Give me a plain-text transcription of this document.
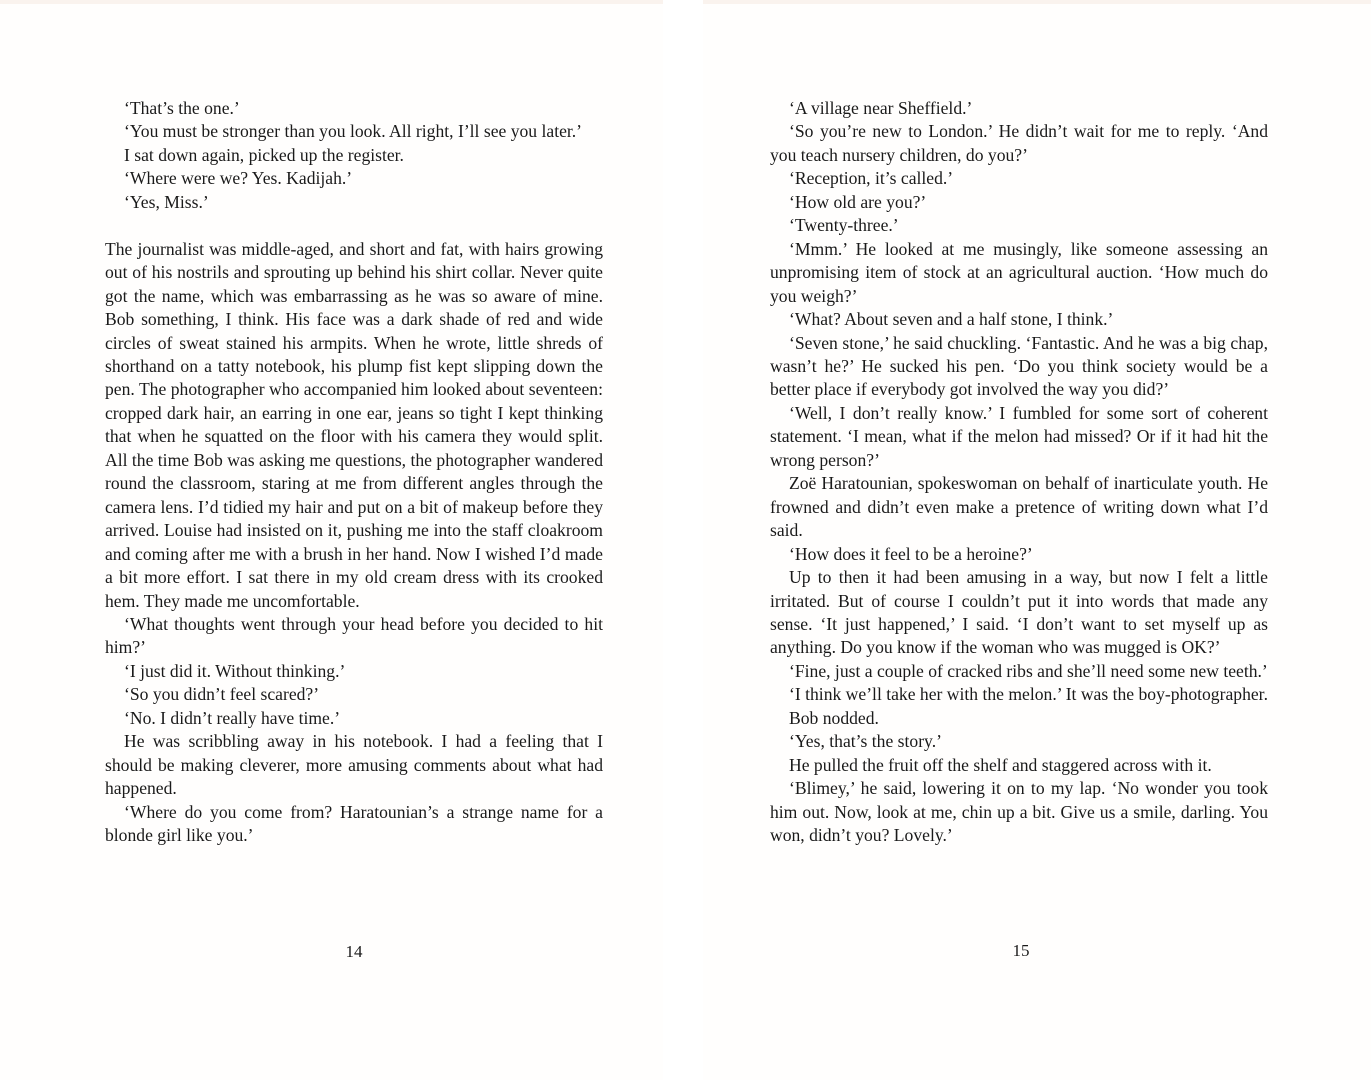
‘That’s the one.’

‘You must be stronger than you look. All right, I’ll see you later.’

I sat down again, picked up the register.

‘Where were we? Yes. Kadijah.’

‘Yes, Miss.’

The journalist was middle-aged, and short and fat, with hairs growing out of his nostrils and sprouting up behind his shirt collar. Never quite got the name, which was embarrassing as he was so aware of mine. Bob something, I think. His face was a dark shade of red and wide circles of sweat stained his armpits. When he wrote, little shreds of shorthand on a tatty notebook, his plump fist kept slipping down the pen. The photographer who accompanied him looked about seventeen: cropped dark hair, an earring in one ear, jeans so tight I kept thinking that when he squatted on the floor with his camera they would split. All the time Bob was asking me questions, the photographer wandered round the classroom, staring at me from different angles through the camera lens. I’d tidied my hair and put on a bit of makeup before they arrived. Louise had insisted on it, pushing me into the staff cloakroom and coming after me with a brush in her hand. Now I wished I’d made a bit more effort. I sat there in my old cream dress with its crooked hem. They made me uncomfortable.

‘What thoughts went through your head before you decided to hit him?’

‘I just did it. Without thinking.’

‘So you didn’t feel scared?’

‘No. I didn’t really have time.’

He was scribbling away in his notebook. I had a feeling that I should be making cleverer, more amusing comments about what had happened.

‘Where do you come from? Haratounian’s a strange name for a blonde girl like you.’

14

‘A village near Sheffield.’

‘So you’re new to London.’ He didn’t wait for me to reply. ‘And you teach nursery children, do you?’

‘Reception, it’s called.’

‘How old are you?’

‘Twenty-three.’

‘Mmm.’ He looked at me musingly, like someone assessing an unpromising item of stock at an agricultural auction. ‘How much do you weigh?’

‘What? About seven and a half stone, I think.’

‘Seven stone,’ he said chuckling. ‘Fantastic. And he was a big chap, wasn’t he?’ He sucked his pen. ‘Do you think society would be a better place if everybody got involved the way you did?’

‘Well, I don’t really know.’ I fumbled for some sort of coherent statement. ‘I mean, what if the melon had missed? Or if it had hit the wrong person?’

Zoë Haratounian, spokeswoman on behalf of inarticulate youth. He frowned and didn’t even make a pretence of writing down what I’d said.

‘How does it feel to be a heroine?’

Up to then it had been amusing in a way, but now I felt a little irritated. But of course I couldn’t put it into words that made any sense. ‘It just happened,’ I said. ‘I don’t want to set myself up as anything. Do you know if the woman who was mugged is OK?’

‘Fine, just a couple of cracked ribs and she’ll need some new teeth.’

‘I think we’ll take her with the melon.’ It was the boy-photographer.

Bob nodded.

‘Yes, that’s the story.’

He pulled the fruit off the shelf and staggered across with it.

‘Blimey,’ he said, lowering it on to my lap. ‘No wonder you took him out. Now, look at me, chin up a bit. Give us a smile, darling. You won, didn’t you? Lovely.’

15
